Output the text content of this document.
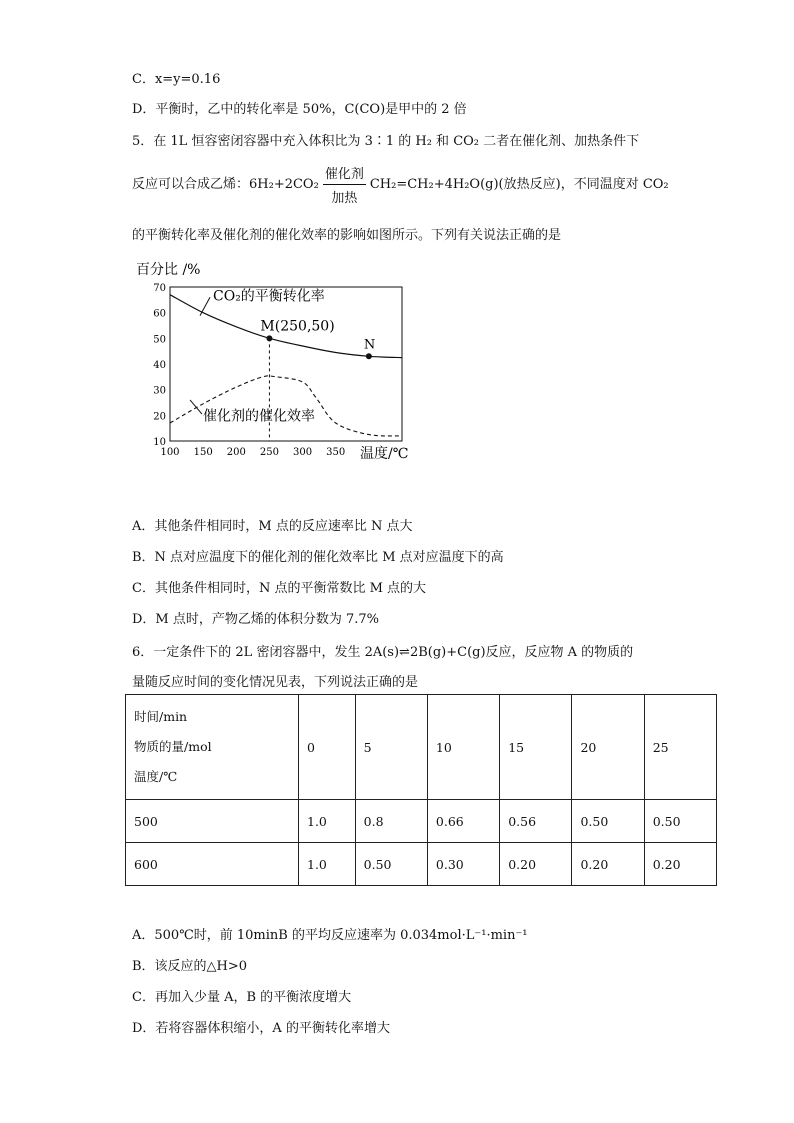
C．x=y=0.16
D．平衡时，乙中的转化率是 50%，C(CO)是甲中的 2 倍
5．在 1L 恒容密闭容器中充入体积比为 3∶1 的 H₂ 和 CO₂ 二者在催化剂、加热条件下
反应可以合成乙烯：$6H_2+2CO_2 \frac{\text{催化剂}}{\text{加热}} CH_2=CH_2+4H_2O(g)$(放热反应)，不同温度对 CO₂
的平衡转化率及催化剂的催化效率的影响如图所示。下列有关说法正确的是
百分比 /%
10
20
30
40
50
60
70
100 150 200 250 300 350
M(250,50)
N
CO₂的平衡转化率
催化剂的催化效率
温度/℃
A．其他条件相同时，M 点的反应速率比 N 点大
B．N 点对应温度下的催化剂的催化效率比 M 点对应温度下的高
C．其他条件相同时，N 点的平衡常数比 M 点的大
D．M 点时，产物乙烯的体积分数为 7.7%
6．一定条件下的 2L 密闭容器中，发生 2A(s)⇌2B(g)+C(g)反应，反应物 A 的物质的
量随反应时间的变化情况见表，下列说法正确的是
时间/min
物质的量/mol
温度/℃	0	5	10	15	20	25
500	1.0	0.8	0.66	0.56	0.50	0.50
600	1.0	0.50	0.30	0.20	0.20	0.20
A．500℃时，前 10minB 的平均反应速率为 0.034mol·L⁻¹·min⁻¹
B．该反应的△H>0
C．再加入少量 A，B 的平衡浓度增大
D．若将容器体积缩小，A 的平衡转化率增大
